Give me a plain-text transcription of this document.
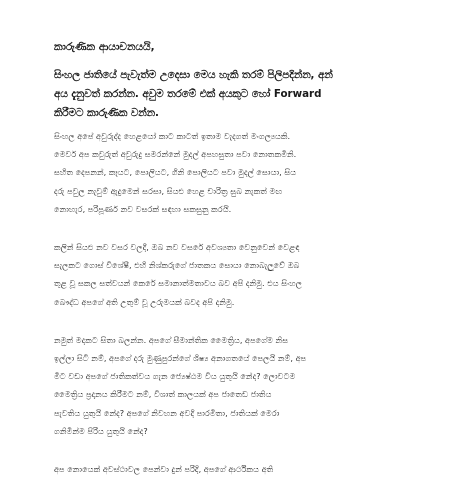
කාරුණික ආයාචනයයි,

සිංහල ජාතියේ පැවැත්ම උදෙසා මෙය හැකි තරම් පිලිපදින්න, අන්

අය දැනුවත් කරන්න. අවුම තරමේ එක් අයකුට හෝ Forward

කිරීමට කාරුණික වන්න.

සිංහල අපේ අවුරුද්ද හෙළයෝ කාට කාටත් ඉතාම වැදගත් මංගල්‍යයකි.

මෙවර් අප කවුරුත් අවුරුදු සමරන්නේ මුදල් අපහසුතා පවා නොතකමිනි.

සහිත දෙපනන්, කෑයට, පොලියට, ගිනි පොලියට පවා මුදල් සොයා, සිය

දරු පවුල නැවුම් ඇදුමෙන් සරසා, සියළු හෙළ චාරිත්‍ර සුබ නැකත් මඟ

නොහැර, පරිපූර්ණ නව වසරක් සඳහා සකසුනු කරයි.

කලින් සියළු නව වසර වලදී, ඔබ නව වසරේ අවශ්‍යතා වෙනුවෙන් වෙළඳ

සැලකට ගොස් විශේෂී, එහි නිශ්කරුගේ ජාතකය සොයා නොබැලුවේ ඔබ

තුළ වූ සකල සත්වයන් කෙරේ සමානාත්මතාවය බව අපි දනිමු. එය සිංහල

බෞද්ධ අපගේ අති උතුම් වූ උරුමයක් බවද අපි දනිමු.

නමුත් මදකට සිතා බලන්න. අපගේ සීමාන්තික මෛත්‍රිය, අපගේම නිස

ඉල්ලා සිටි නම්, අපගේ දරු මුණුපුරන්ගේ ශිෂ්‍ය අනාගතයේ පෙලයි නම්, අප

මීට වඩා අපගේ ජාතිකත්වය ගැන ජ්‍යෙෂ්ඨම විය යුතුයි නේද? ලොවටම

මෛත්‍රිය ප්‍රදානය කිරීමට නම්, විශාත් කාලයක් අප ජාතෙඩ ජාතිය

පැවතිය යුතුයි නේද? අපගේ නිවහන අවදි පාරමිතා, ජාතියක් මෙරා

ගනිමින්ම පිරිය යුතුයි නේද?

අප නොයෙක් අවස්ථාවල පෙන්වා දුන් පරිදි, අපගේ ආර්ථිකය අති
